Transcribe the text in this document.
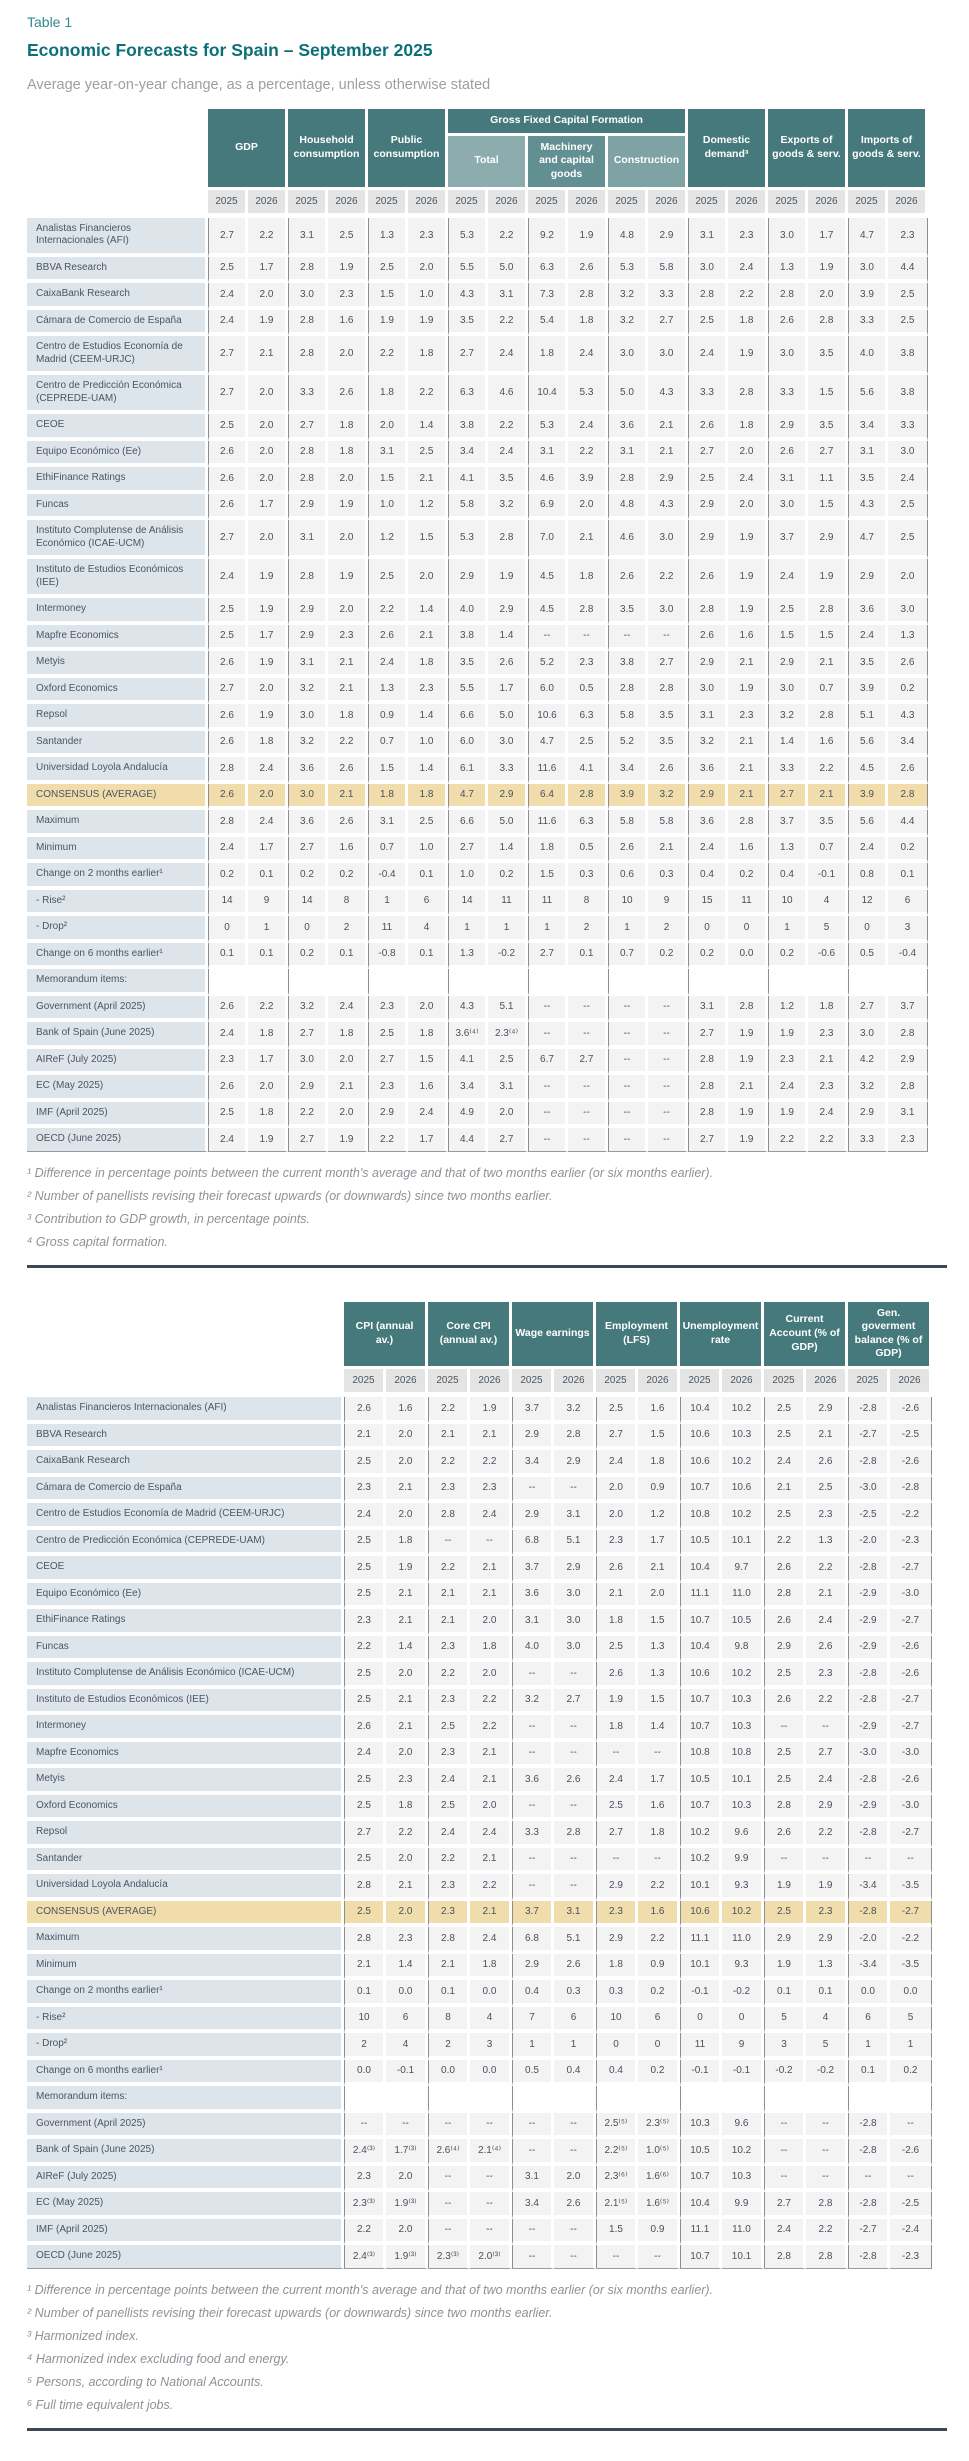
Table 1
Economic Forecasts for Spain – September 2025
Average year-on-year change, as a percentage, unless otherwise stated
	GDP		Household consumption		Public consumption		Gross Fixed Capital Formation						Domestic demand³		Exports of goods & serv.		Imports of goods & serv.	
							Total		Machinery and capital goods		Construction							
	2025	2026	2025	2026	2025	2026	2025	2026	2025	2026	2025	2026	2025	2026	2025	2026	2025	2026
Analistas Financieros Internacionales (AFI)	2.7	2.2	3.1	2.5	1.3	2.3	5.3	2.2	9.2	1.9	4.8	2.9	3.1	2.3	3.0	1.7	4.7	2.3
BBVA Research	2.5	1.7	2.8	1.9	2.5	2.0	5.5	5.0	6.3	2.6	5.3	5.8	3.0	2.4	1.3	1.9	3.0	4.4
CaixaBank Research	2.4	2.0	3.0	2.3	1.5	1.0	4.3	3.1	7.3	2.8	3.2	3.3	2.8	2.2	2.8	2.0	3.9	2.5
Cámara de Comercio de España	2.4	1.9	2.8	1.6	1.9	1.9	3.5	2.2	5.4	1.8	3.2	2.7	2.5	1.8	2.6	2.8	3.3	2.5
Centro de Estudios Economía de Madrid (CEEM-URJC)	2.7	2.1	2.8	2.0	2.2	1.8	2.7	2.4	1.8	2.4	3.0	3.0	2.4	1.9	3.0	3.5	4.0	3.8
Centro de Predicción Económica (CEPREDE-UAM)	2.7	2.0	3.3	2.6	1.8	2.2	6.3	4.6	10.4	5.3	5.0	4.3	3.3	2.8	3.3	1.5	5.6	3.8
CEOE	2.5	2.0	2.7	1.8	2.0	1.4	3.8	2.2	5.3	2.4	3.6	2.1	2.6	1.8	2.9	3.5	3.4	3.3
Equipo Económico (Ee)	2.6	2.0	2.8	1.8	3.1	2.5	3.4	2.4	3.1	2.2	3.1	2.1	2.7	2.0	2.6	2.7	3.1	3.0
EthiFinance Ratings	2.6	2.0	2.8	2.0	1.5	2.1	4.1	3.5	4.6	3.9	2.8	2.9	2.5	2.4	3.1	1.1	3.5	2.4
Funcas	2.6	1.7	2.9	1.9	1.0	1.2	5.8	3.2	6.9	2.0	4.8	4.3	2.9	2.0	3.0	1.5	4.3	2.5
Instituto Complutense de Análisis Económico (ICAE-UCM)	2.7	2.0	3.1	2.0	1.2	1.5	5.3	2.8	7.0	2.1	4.6	3.0	2.9	1.9	3.7	2.9	4.7	2.5
Instituto de Estudios Económicos (IEE)	2.4	1.9	2.8	1.9	2.5	2.0	2.9	1.9	4.5	1.8	2.6	2.2	2.6	1.9	2.4	1.9	2.9	2.0
Intermoney	2.5	1.9	2.9	2.0	2.2	1.4	4.0	2.9	4.5	2.8	3.5	3.0	2.8	1.9	2.5	2.8	3.6	3.0
Mapfre Economics	2.5	1.7	2.9	2.3	2.6	2.1	3.8	1.4	--	--	--	--	2.6	1.6	1.5	1.5	2.4	1.3
Metyis	2.6	1.9	3.1	2.1	2.4	1.8	3.5	2.6	5.2	2.3	3.8	2.7	2.9	2.1	2.9	2.1	3.5	2.6
Oxford Economics	2.7	2.0	3.2	2.1	1.3	2.3	5.5	1.7	6.0	0.5	2.8	2.8	3.0	1.9	3.0	0.7	3.9	0.2
Repsol	2.6	1.9	3.0	1.8	0.9	1.4	6.6	5.0	10.6	6.3	5.8	3.5	3.1	2.3	3.2	2.8	5.1	4.3
Santander	2.6	1.8	3.2	2.2	0.7	1.0	6.0	3.0	4.7	2.5	5.2	3.5	3.2	2.1	1.4	1.6	5.6	3.4
Universidad Loyola Andalucía	2.8	2.4	3.6	2.6	1.5	1.4	6.1	3.3	11.6	4.1	3.4	2.6	3.6	2.1	3.3	2.2	4.5	2.6
CONSENSUS (AVERAGE)	2.6	2.0	3.0	2.1	1.8	1.8	4.7	2.9	6.4	2.8	3.9	3.2	2.9	2.1	2.7	2.1	3.9	2.8
Maximum	2.8	2.4	3.6	2.6	3.1	2.5	6.6	5.0	11.6	6.3	5.8	5.8	3.6	2.8	3.7	3.5	5.6	4.4
Minimum	2.4	1.7	2.7	1.6	0.7	1.0	2.7	1.4	1.8	0.5	2.6	2.1	2.4	1.6	1.3	0.7	2.4	0.2
Change on 2 months earlier¹	0.2	0.1	0.2	0.2	-0.4	0.1	1.0	0.2	1.5	0.3	0.6	0.3	0.4	0.2	0.4	-0.1	0.8	0.1
- Rise²	14	9	14	8	1	6	14	11	11	8	10	9	15	11	10	4	12	6
- Drop²	0	1	0	2	11	4	1	1	1	2	1	2	0	0	1	5	0	3
Change on 6 months earlier¹	0.1	0.1	0.2	0.1	-0.8	0.1	1.3	-0.2	2.7	0.1	0.7	0.2	0.2	0.0	0.2	-0.6	0.5	-0.4
Memorandum items:																		
Government (April 2025)	2.6	2.2	3.2	2.4	2.3	2.0	4.3	5.1	--	--	--	--	3.1	2.8	1.2	1.8	2.7	3.7
Bank of Spain (June 2025)	2.4	1.8	2.7	1.8	2.5	1.8	3.6⁽⁴⁾	2.3⁽⁴⁾	--	--	--	--	2.7	1.9	1.9	2.3	3.0	2.8
AIReF (July 2025)	2.3	1.7	3.0	2.0	2.7	1.5	4.1	2.5	6.7	2.7	--	--	2.8	1.9	2.3	2.1	4.2	2.9
EC (May 2025)	2.6	2.0	2.9	2.1	2.3	1.6	3.4	3.1	--	--	--	--	2.8	2.1	2.4	2.3	3.2	2.8
IMF (April 2025)	2.5	1.8	2.2	2.0	2.9	2.4	4.9	2.0	--	--	--	--	2.8	1.9	1.9	2.4	2.9	3.1
OECD (June 2025)	2.4	1.9	2.7	1.9	2.2	1.7	4.4	2.7	--	--	--	--	2.7	1.9	2.2	2.2	3.3	2.3
¹ Difference in percentage points between the current month's average and that of two months earlier (or six months earlier).
² Number of panellists revising their forecast upwards (or downwards) since two months earlier.
³ Contribution to GDP growth, in percentage points.
⁴ Gross capital formation.
	CPI (annual av.)		Core CPI (annual av.)		Wage earnings		Employment (LFS)		Unemployment rate		Current Account (% of GDP)		Gen. goverment balance (% of GDP)	
	2025	2026	2025	2026	2025	2026	2025	2026	2025	2026	2025	2026	2025	2026
Analistas Financieros Internacionales (AFI)	2.6	1.6	2.2	1.9	3.7	3.2	2.5	1.6	10.4	10.2	2.5	2.9	-2.8	-2.6
BBVA Research	2.1	2.0	2.1	2.1	2.9	2.8	2.7	1.5	10.6	10.3	2.5	2.1	-2.7	-2.5
CaixaBank Research	2.5	2.0	2.2	2.2	3.4	2.9	2.4	1.8	10.6	10.2	2.4	2.6	-2.8	-2.6
Cámara de Comercio de España	2.3	2.1	2.3	2.3	--	--	2.0	0.9	10.7	10.6	2.1	2.5	-3.0	-2.8
Centro de Estudios Economía de Madrid (CEEM-URJC)	2.4	2.0	2.8	2.4	2.9	3.1	2.0	1.2	10.8	10.2	2.5	2.3	-2.5	-2.2
Centro de Predicción Económica (CEPREDE-UAM)	2.5	1.8	--	--	6.8	5.1	2.3	1.7	10.5	10.1	2.2	1.3	-2.0	-2.3
CEOE	2.5	1.9	2.2	2.1	3.7	2.9	2.6	2.1	10.4	9.7	2.6	2.2	-2.8	-2.7
Equipo Económico (Ee)	2.5	2.1	2.1	2.1	3.6	3.0	2.1	2.0	11.1	11.0	2.8	2.1	-2.9	-3.0
EthiFinance Ratings	2.3	2.1	2.1	2.0	3.1	3.0	1.8	1.5	10.7	10.5	2.6	2.4	-2.9	-2.7
Funcas	2.2	1.4	2.3	1.8	4.0	3.0	2.5	1.3	10.4	9.8	2.9	2.6	-2.9	-2.6
Instituto Complutense de Análisis Económico (ICAE-UCM)	2.5	2.0	2.2	2.0	--	--	2.6	1.3	10.6	10.2	2.5	2.3	-2.8	-2.6
Instituto de Estudios Económicos (IEE)	2.5	2.1	2.3	2.2	3.2	2.7	1.9	1.5	10.7	10.3	2.6	2.2	-2.8	-2.7
Intermoney	2.6	2.1	2.5	2.2	--	--	1.8	1.4	10.7	10.3	--	--	-2.9	-2.7
Mapfre Economics	2.4	2.0	2.3	2.1	--	--	--	--	10.8	10.8	2.5	2.7	-3.0	-3.0
Metyis	2.5	2.3	2.4	2.1	3.6	2.6	2.4	1.7	10.5	10.1	2.5	2.4	-2.8	-2.6
Oxford Economics	2.5	1.8	2.5	2.0	--	--	2.5	1.6	10.7	10.3	2.8	2.9	-2.9	-3.0
Repsol	2.7	2.2	2.4	2.4	3.3	2.8	2.7	1.8	10.2	9.6	2.6	2.2	-2.8	-2.7
Santander	2.5	2.0	2.2	2.1	--	--	--	--	10.2	9.9	--	--	--	--
Universidad Loyola Andalucía	2.8	2.1	2.3	2.2	--	--	2.9	2.2	10.1	9.3	1.9	1.9	-3.4	-3.5
CONSENSUS (AVERAGE)	2.5	2.0	2.3	2.1	3.7	3.1	2.3	1.6	10.6	10.2	2.5	2.3	-2.8	-2.7
Maximum	2.8	2.3	2.8	2.4	6.8	5.1	2.9	2.2	11.1	11.0	2.9	2.9	-2.0	-2.2
Minimum	2.1	1.4	2.1	1.8	2.9	2.6	1.8	0.9	10.1	9.3	1.9	1.3	-3.4	-3.5
Change on 2 months earlier¹	0.1	0.0	0.1	0.0	0.4	0.3	0.3	0.2	-0.1	-0.2	0.1	0.1	0.0	0.0
- Rise²	10	6	8	4	7	6	10	6	0	0	5	4	6	5
- Drop²	2	4	2	3	1	1	0	0	11	9	3	5	1	1
Change on 6 months earlier¹	0.0	-0.1	0.0	0.0	0.5	0.4	0.4	0.2	-0.1	-0.1	-0.2	-0.2	0.1	0.2
Memorandum items:														
Government (April 2025)	--	--	--	--	--	--	2.5⁽⁵⁾	2.3⁽⁵⁾	10.3	9.6	--	--	-2.8	--
Bank of Spain (June 2025)	2.4⁽³⁾	1.7⁽³⁾	2.6⁽⁴⁾	2.1⁽⁴⁾	--	--	2.2⁽⁵⁾	1.0⁽⁵⁾	10.5	10.2	--	--	-2.8	-2.6
AIReF (July 2025)	2.3	2.0	--	--	3.1	2.0	2.3⁽⁶⁾	1.6⁽⁶⁾	10.7	10.3	--	--	--	--
EC (May 2025)	2.3⁽³⁾	1.9⁽³⁾	--	--	3.4	2.6	2.1⁽⁵⁾	1.6⁽⁵⁾	10.4	9.9	2.7	2.8	-2.8	-2.5
IMF (April 2025)	2.2	2.0	--	--	--	--	1.5	0.9	11.1	11.0	2.4	2.2	-2.7	-2.4
OECD (June 2025)	2.4⁽³⁾	1.9⁽³⁾	2.3⁽³⁾	2.0⁽³⁾	--	--	--	--	10.7	10.1	2.8	2.8	-2.8	-2.3
¹ Difference in percentage points between the current month's average and that of two months earlier (or six months earlier).
² Number of panellists revising their forecast upwards (or downwards) since two months earlier.
³ Harmonized index.
⁴ Harmonized index excluding food and energy.
⁵ Persons, according to National Accounts.
⁶ Full time equivalent jobs.
